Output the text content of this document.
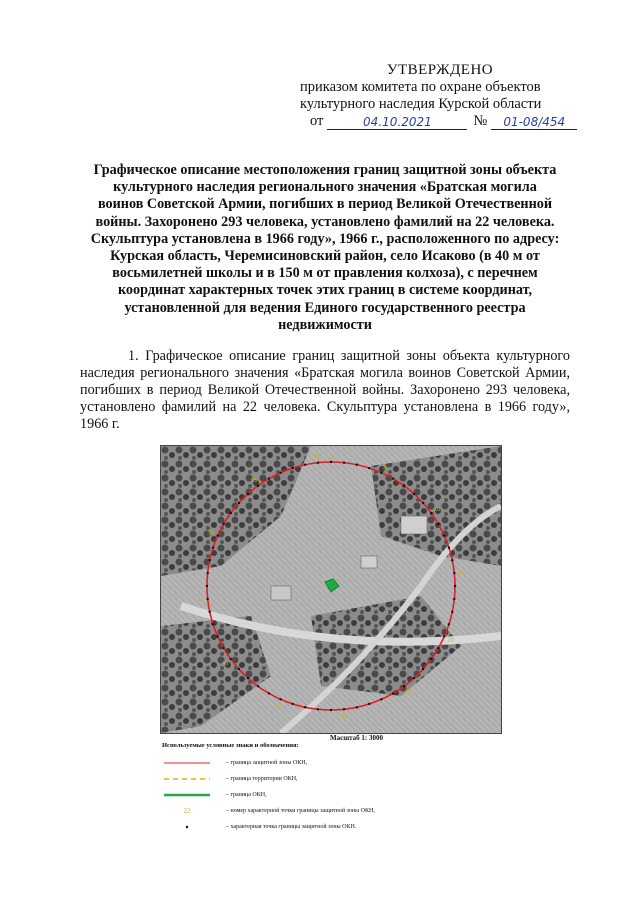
УТВЕРЖДЕНО
приказом комитета по охране объектов
культурного наследия Курской области
от	04.10.2021	№	01-08/454
Графическое описание местоположения границ защитной зоны объекта культурного наследия регионального значения «Братская могила воинов Советской Армии, погибших в период Великой Отечественной войны. Захоронено 293 человека, установлено фамилий на 22 человека. Скульптура установлена в 1966 году», 1966 г., расположенного по адресу: Курская область, Черемисиновский район, село Исаково (в 40 м от восьмилетней школы и в 150 м от правления колхоза), с перечнем координат характерных точек этих границ в системе координат, установленной для ведения Единого государственного реестра недвижимости
1. Графическое описание границ защитной зоны объекта культурного наследия регионального значения «Братская могила воинов Советской Армии, погибших в период Великой Отечественной войны. Захоронено 293 человека, установлено фамилий на 22 человека. Скульптура установлена в 1966 году», 1966 г.
1
5
10
15
20
25
30
35
40
45
50
55
60
Масштаб 1: 3000
Используемые условные знаки и обозначения:
– граница защитной зоны ОКН,
– граница территории ОКН,
– граница ОКН,
22	– номер характерной точки границы защитной зоны ОКН,
– характерная точка границы защитной зоны ОКН.
